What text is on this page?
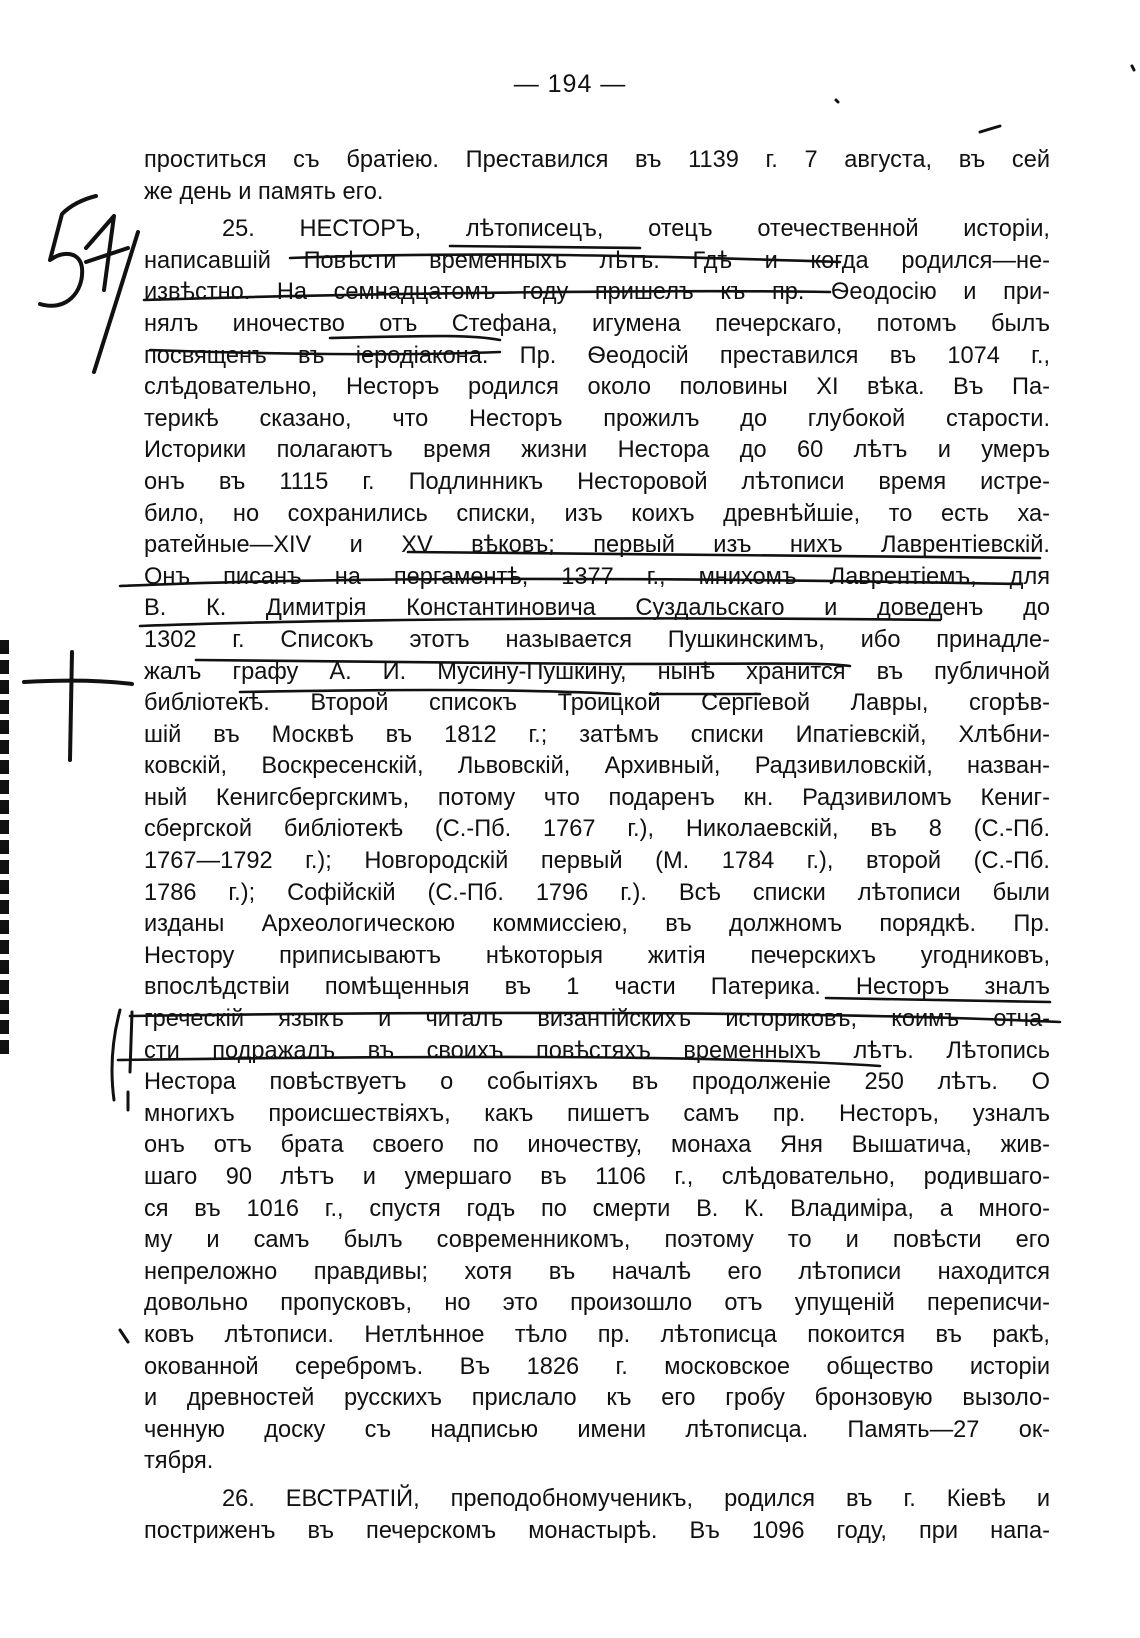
— 194 —
проститься съ братіею. Преставился въ 1139 г. 7 августа, въ сей
же день и память его.
25. НЕСТОРЪ, лѣтописецъ, отецъ отечественной исторіи,
написавшій Повѣсти временныхъ лѣтъ. Гдѣ и когда родился—не-
извѣстно. На семнадцатомъ году пришелъ къ пр. Ѳеодосію и при-
нялъ иночество отъ Стефана, игумена печерскаго, потомъ былъ
посвященъ въ іеродіакона. Пр. Ѳеодосій преставился въ 1074 г.,
слѣдовательно, Несторъ родился около половины XI вѣка. Въ Па-
терикѣ сказано, что Несторъ прожилъ до глубокой старости.
Историки полагаютъ время жизни Нестора до 60 лѣтъ и умеръ
онъ въ 1115 г. Подлинникъ Несторовой лѣтописи время истре-
било, но сохранились списки, изъ коихъ древнѣйшіе, то есть ха-
ратейные—XIV и XV вѣковъ; первый изъ нихъ Лаврентіевскій.
Онъ писанъ на пергаментѣ, 1377 г., мнихомъ Лаврентіемъ, для
В. К. Димитрія Константиновича Суздальскаго и доведенъ до
1302 г. Списокъ этотъ называется Пушкинскимъ, ибо принадле-
жалъ графу А. И. Мусину-Пушкину, нынѣ хранится въ публичной
библіотекѣ. Второй списокъ Троицкой Сергіевой Лавры, сгорѣв-
шій въ Москвѣ въ 1812 г.; затѣмъ списки Ипатіевскій, Хлѣбни-
ковскій, Воскресенскій, Львовскій, Архивный, Радзивиловскій, назван-
ный Кенигсбергскимъ, потому что подаренъ кн. Радзивиломъ Кениг-
сбергской библіотекѣ (С.-Пб. 1767 г.), Николаевскій, въ 8 (С.-Пб.
1767—1792 г.); Новгородскій первый (М. 1784 г.), второй (С.-Пб.
1786 г.); Софійскій (С.-Пб. 1796 г.). Всѣ списки лѣтописи были
изданы Археологическою коммиссіею, въ должномъ порядкѣ. Пр.
Нестору приписываютъ нѣкоторыя житія печерскихъ угодниковъ,
впослѣдствіи помѣщенныя въ 1 части Патерика. Несторъ зналъ
греческій языкъ и читалъ византійскихъ историковъ, коимъ отча-
сти подражалъ въ своихъ повѣстяхъ временныхъ лѣтъ. Лѣтопись
Нестора повѣствуетъ о событіяхъ въ продолженіе 250 лѣтъ. О
многихъ происшествіяхъ, какъ пишетъ самъ пр. Несторъ, узналъ
онъ отъ брата своего по иночеству, монаха Яня Вышатича, жив-
шаго 90 лѣтъ и умершаго въ 1106 г., слѣдовательно, родившаго-
ся въ 1016 г., спустя годъ по смерти В. К. Владиміра, а много-
му и самъ былъ современникомъ, поэтому то и повѣсти его
непреложно правдивы; хотя въ началѣ его лѣтописи находится
довольно пропусковъ, но это произошло отъ упущеній переписчи-
ковъ лѣтописи. Нетлѣнное тѣло пр. лѣтописца покоится въ ракѣ,
окованной серебромъ. Въ 1826 г. московское общество исторіи
и древностей русскихъ прислало къ его гробу бронзовую вызоло-
ченную доску съ надписью имени лѣтописца. Память—27 ок-
тября.
26. ЕВСТРАТІЙ, преподобномученикъ, родился въ г. Кіевѣ и
постриженъ въ печерскомъ монастырѣ. Въ 1096 году, при напа-
